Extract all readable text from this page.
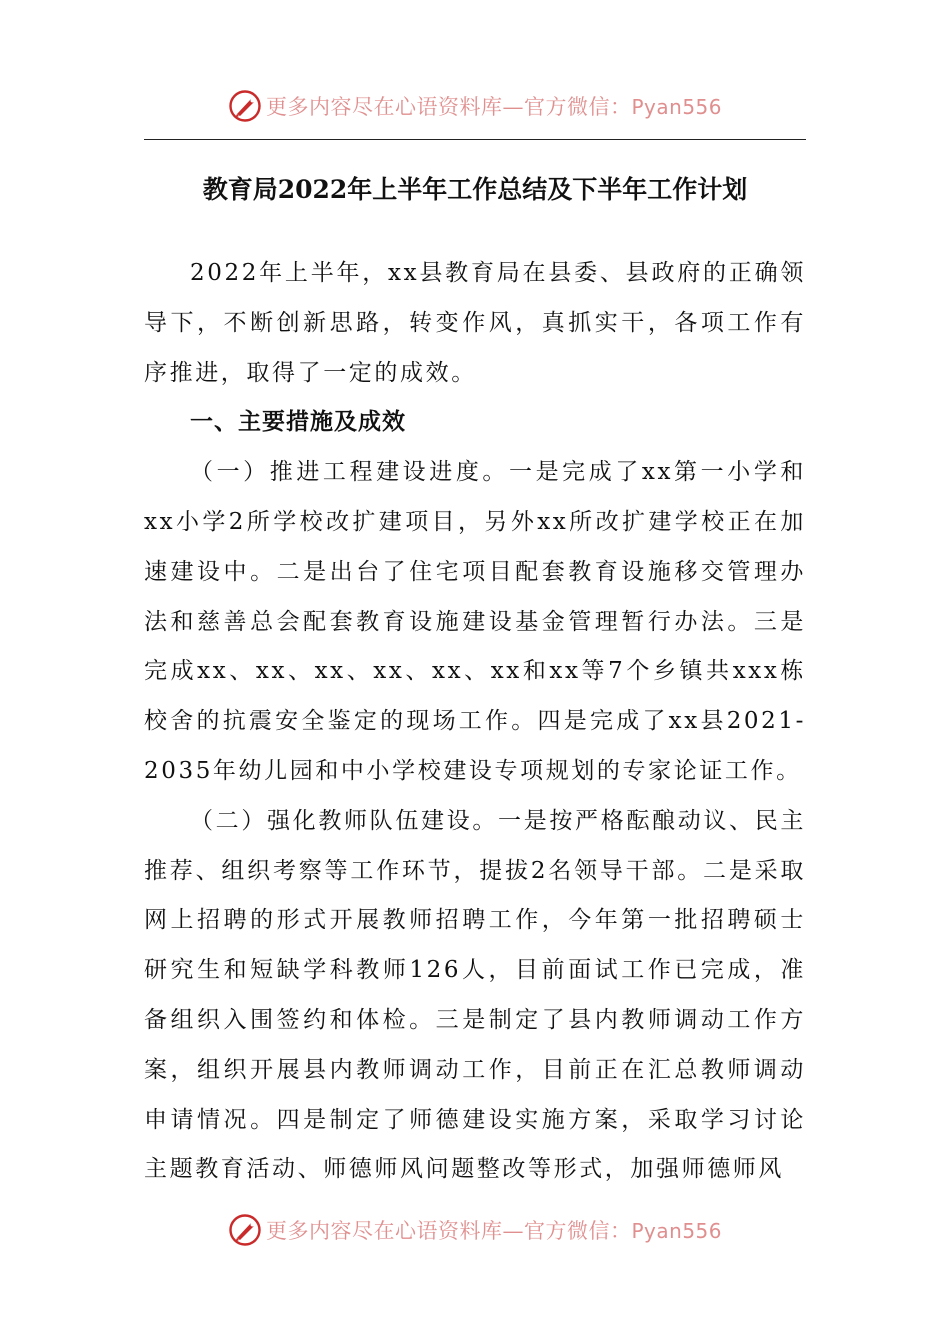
更多内容尽在心语资料库—官方微信：Pyan556
教育局2022年上半年工作总结及下半年工作计划

2022年上半年，xx县教育局在县委、县政府的正确领导下，不断创新思路，转变作风，真抓实干，各项工作有序推进，取得了一定的成效。

一、主要措施及成效

（一）推进工程建设进度。一是完成了xx第一小学和xx小学2所学校改扩建项目，另外xx所改扩建学校正在加速建设中。二是出台了住宅项目配套教育设施移交管理办法和慈善总会配套教育设施建设基金管理暂行办法。三是完成xx、xx、xx、xx、xx、xx和xx等7个乡镇共xxx栋校舍的抗震安全鉴定的现场工作。四是完成了xx县2021-2035年幼儿园和中小学校建设专项规划的专家论证工作。

（二）强化教师队伍建设。一是按严格酝酿动议、民主推荐、组织考察等工作环节，提拔2名领导干部。二是采取网上招聘的形式开展教师招聘工作，今年第一批招聘硕士研究生和短缺学科教师126人，目前面试工作已完成，准备组织入围签约和体检。三是制定了县内教师调动工作方案，组织开展县内教师调动工作，目前正在汇总教师调动申请情况。四是制定了师德建设实施方案，采取学习讨论主题教育活动、师德师风问题整改等形式，加强师德师风

更多内容尽在心语资料库—官方微信：Pyan556
